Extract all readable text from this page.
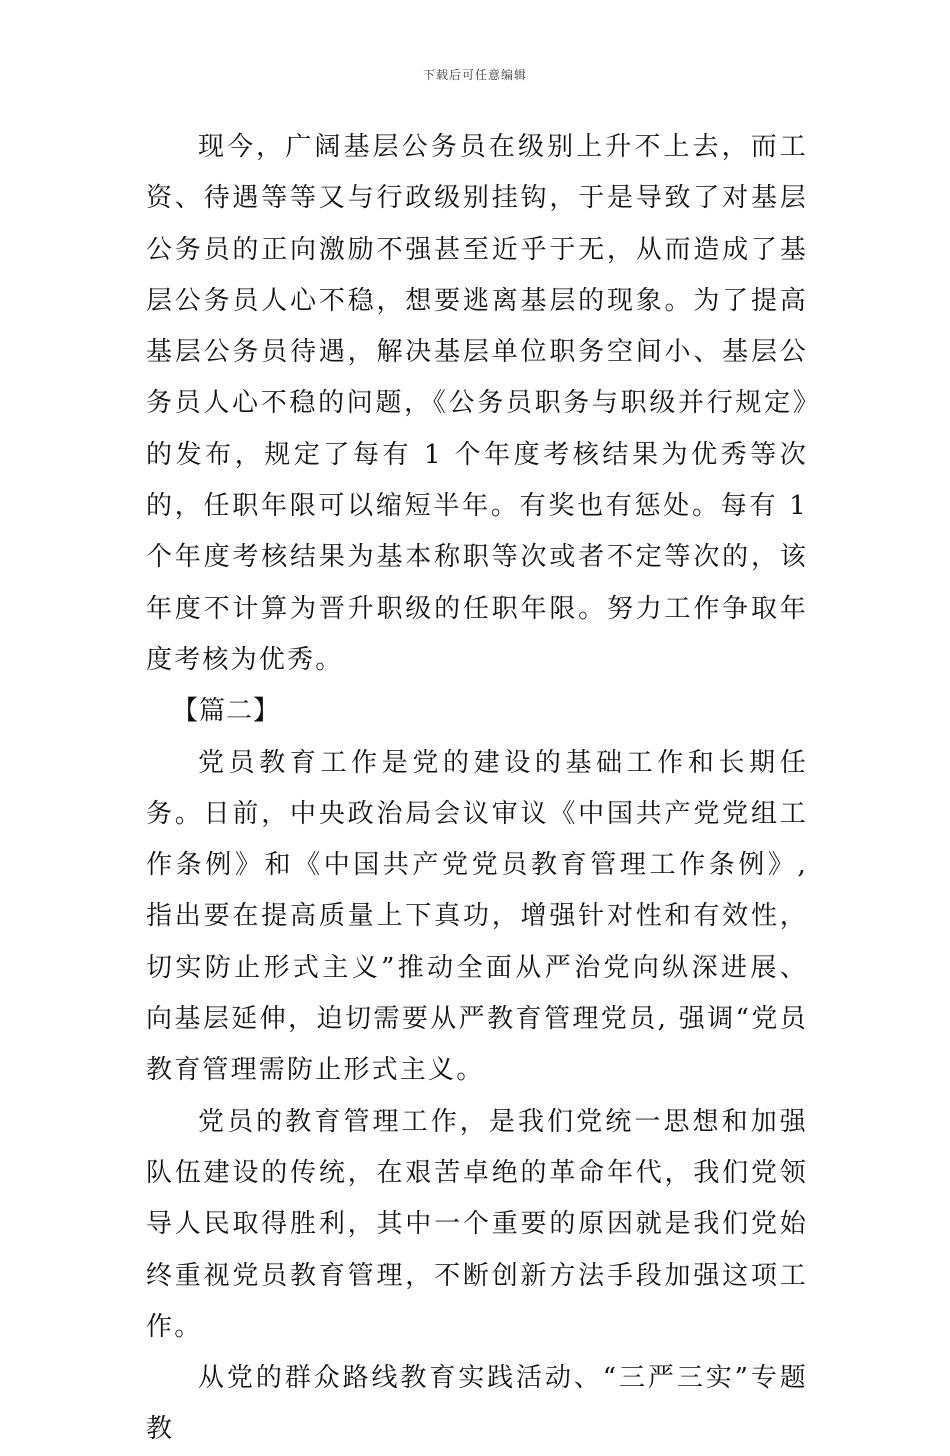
下载后可任意编辑

现今，广阔基层公务员在级别上升不上去，而工资、待遇等等又与行政级别挂钩，于是导致了对基层公务员的正向激励不强甚至近乎于无，从而造成了基层公务员人心不稳，想要逃离基层的现象。为了提高基层公务员待遇，解决基层单位职务空间小、基层公务员人心不稳的问题，《公务员职务与职级并行规定》的发布，规定了每有 1 个年度考核结果为优秀等次的，任职年限可以缩短半年。有奖也有惩处。每有 1 个年度考核结果为基本称职等次或者不定等次的，该年度不计算为晋升职级的任职年限。努力工作争取年度考核为优秀。

【篇二】

党员教育工作是党的建设的基础工作和长期任务。日前，中央政治局会议审议《中国共产党党组工作条例》和《中国共产党党员教育管理工作条例》, 指出要在提高质量上下真功，增强针对性和有效性，切实防止形式主义”推动全面从严治党向纵深进展、向基层延伸，迫切需要从严教育管理党员, 强调“党员教育管理需防止形式主义。

党员的教育管理工作，是我们党统一思想和加强队伍建设的传统，在艰苦卓绝的革命年代，我们党领导人民取得胜利，其中一个重要的原因就是我们党始终重视党员教育管理，不断创新方法手段加强这项工作。

从党的群众路线教育实践活动、“三严三实”专题教
